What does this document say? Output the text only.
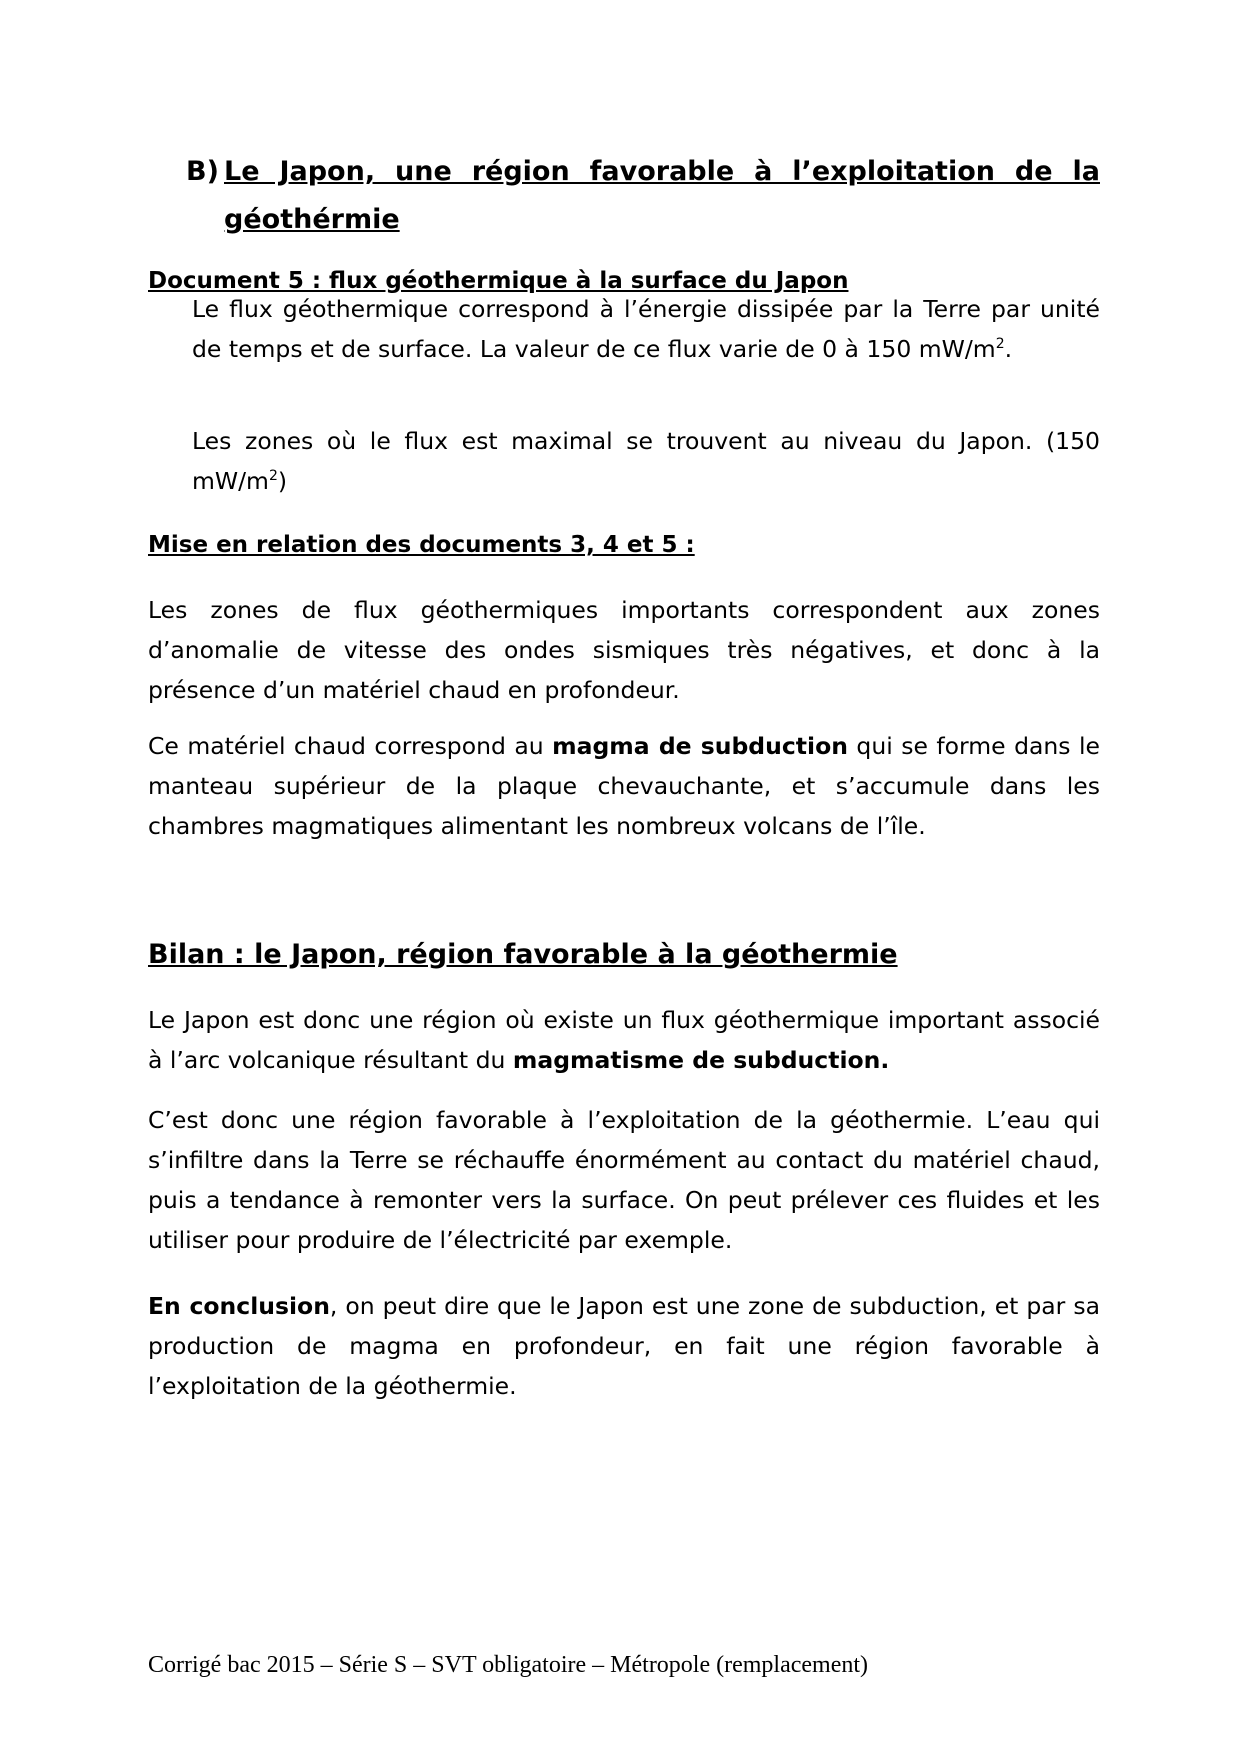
B) Le Japon, une région favorable à l’exploitation de la géothérmie
Document 5 : flux géothermique à la surface du Japon
Le flux géothermique correspond à l’énergie dissipée par la Terre par unité de temps et de surface. La valeur de ce flux varie de 0 à 150 $mW/m^2$.
Les zones où le flux est maximal se trouvent au niveau du Japon. (150 $mW/m^2$)
Mise en relation des documents 3, 4 et 5 :
Les zones de flux géothermiques importants correspondent aux zones d’anomalie de vitesse des ondes sismiques très négatives, et donc à la présence d’un matériel chaud en profondeur.
Ce matériel chaud correspond au magma de subduction qui se forme dans le manteau supérieur de la plaque chevauchante, et s’accumule dans les chambres magmatiques alimentant les nombreux volcans de l’île.
Bilan : le Japon, région favorable à la géothermie
Le Japon est donc une région où existe un flux géothermique important associé à l’arc volcanique résultant du magmatisme de subduction.
C’est donc une région favorable à l’exploitation de la géothermie. L’eau qui s’infiltre dans la Terre se réchauffe énormément au contact du matériel chaud, puis a tendance à remonter vers la surface. On peut prélever ces fluides et les utiliser pour produire de l’électricité par exemple.
En conclusion, on peut dire que le Japon est une zone de subduction, et par sa production de magma en profondeur, en fait une région favorable à l’exploitation de la géothermie.
Corrigé bac 2015 – Série S – SVT obligatoire – Métropole (remplacement)
